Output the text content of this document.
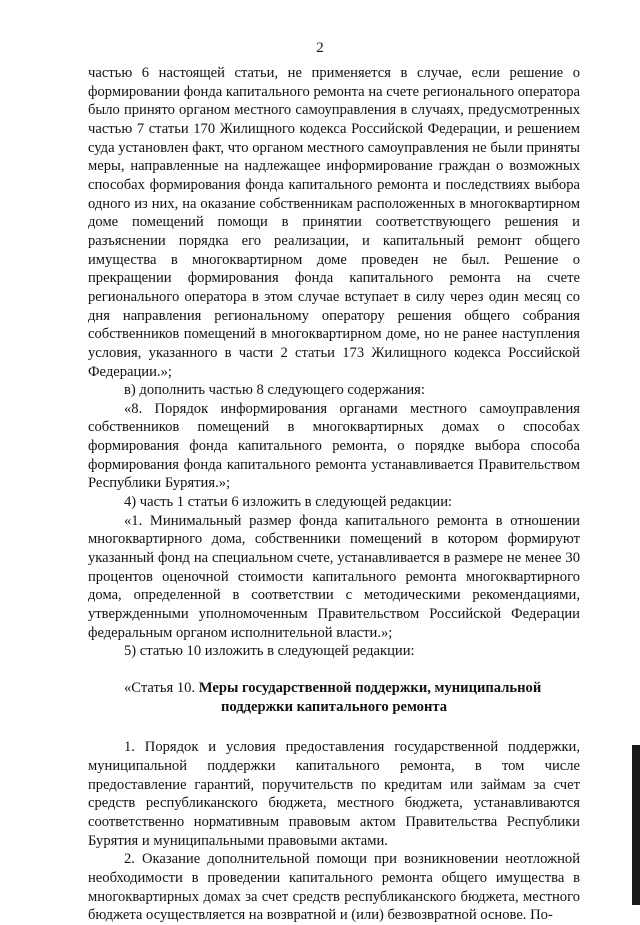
2

частью 6 настоящей статьи, не применяется в случае, если решение о формировании фонда капитального ремонта на счете регионального оператора было принято органом местного самоуправления в случаях, предусмотренных частью 7 статьи 170 Жилищного кодекса Российской Федерации, и решением суда установлен факт, что органом местного самоуправления не были приняты меры, направленные на надлежащее информирование граждан о возможных способах формирования фонда капитального ремонта и последствиях выбора одного из них, на оказание собственникам расположенных в многоквартирном доме помещений помощи в принятии соответствующего решения и разъяснении порядка его реализации, и капитальный ремонт общего имущества в многоквартирном доме проведен не был. Решение о прекращении формирования фонда капитального ремонта на счете регионального оператора в этом случае вступает в силу через один месяц со дня направления региональному оператору решения общего собрания собственников помещений в многоквартирном доме, но не ранее наступления условия, указанного в части 2 статьи 173 Жилищного кодекса Российской Федерации.»;

в) дополнить частью 8 следующего содержания:

«8. Порядок информирования органами местного самоуправления собственников помещений в многоквартирных домах о способах формирования фонда капитального ремонта, о порядке выбора способа формирования фонда капитального ремонта устанавливается Правительством Республики Бурятия.»;

4) часть 1 статьи 6 изложить в следующей редакции:

«1. Минимальный размер фонда капитального ремонта в отношении многоквартирного дома, собственники помещений в котором формируют указанный фонд на специальном счете, устанавливается в размере не менее 30 процентов оценочной стоимости капитального ремонта многоквартирного дома, определенной в соответствии с методическими рекомендациями, утвержденными уполномоченным Правительством Российской Федерации федеральным органом исполнительной власти.»;

5) статью 10 изложить в следующей редакции:

«Статья 10. Меры государственной поддержки, муниципальной

поддержки капитального ремонта

1. Порядок и условия предоставления государственной поддержки, муниципальной поддержки капитального ремонта, в том числе предоставление гарантий, поручительств по кредитам или займам за счет средств республиканского бюджета, местного бюджета, устанавливаются соответственно нормативным правовым актом Правительства Республики Бурятия и муниципальными правовыми актами.

2. Оказание дополнительной помощи при возникновении неотложной необходимости в проведении капитального ремонта общего имущества в многоквартирных домах за счет средств республиканского бюджета, местного бюджета осуществляется на возвратной и (или) безвозвратной основе. По-
